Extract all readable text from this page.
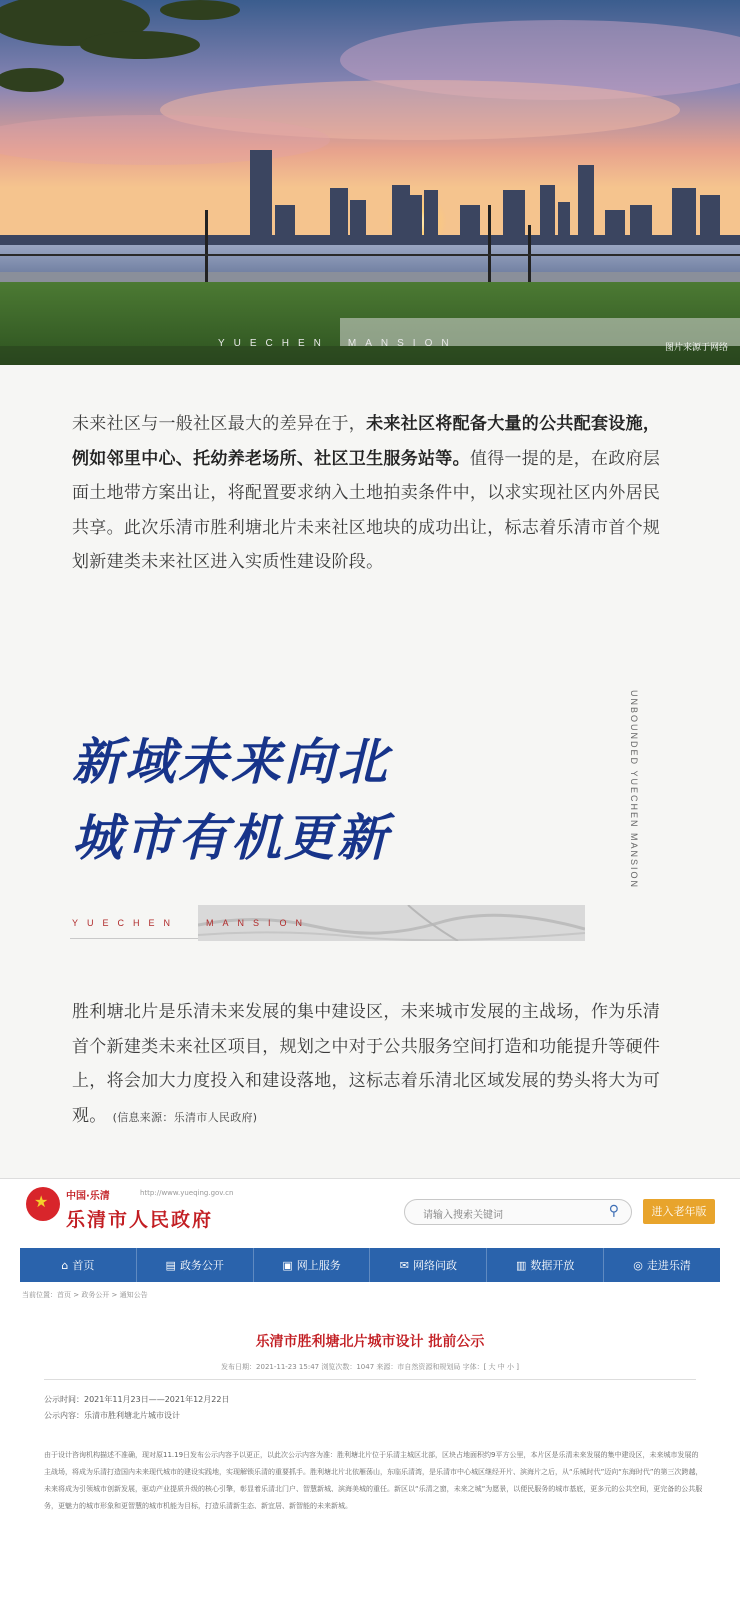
YUECHEN MANSION	图片来源于网络
未来社区与一般社区最大的差异在于，未来社区将配备大量的公共配套设施，例如邻里中心、托幼养老场所、社区卫生服务站等。值得一提的是，在政府层面土地带方案出让，将配置要求纳入土地拍卖条件中，以求实现社区内外居民共享。此次乐清市胜利塘北片未来社区地块的成功出让，标志着乐清市首个规划新建类未来社区进入实质性建设阶段。
UNBOUNDED YUECHEN MANSION
新域未来向北
城市有机更新
YUECHEN	MANSION
胜利塘北片是乐清未来发展的集中建设区，未来城市发展的主战场，作为乐清首个新建类未来社区项目，规划之中对于公共服务空间打造和功能提升等硬件上，将会加大力度投入和建设落地，这标志着乐清北区域发展的势头将大为可观。 (信息来源：乐清市人民政府)
★
中国·乐清	http://www.yueqing.gov.cn
乐清市人民政府	请输入搜索关键词	⚲	进入老年版
⌂ 首页	▤ 政务公开	▣ 网上服务	✉ 网络问政	▥ 数据开放	◎ 走进乐清
当前位置：首页 > 政务公开 > 通知公告
乐清市胜利塘北片城市设计 批前公示
发布日期：2021-11-23 15:47 浏览次数：1047 来源：市自然资源和规划局 字体：[ 大 中 小 ]
公示时间：2021年11月23日——2021年12月22日
公示内容：乐清市胜利塘北片城市设计
由于设计咨询机构描述不准确，现对原11.19日发布公示内容予以更正，以此次公示内容为准：胜利塘北片位于乐清主城区北部，区块占地面积约9平方公里，本片区是乐清未来发展的集中建设区，未来城市发展的主战场，将成为乐清打造国内未来现代城市的建设实践地，实现解锁乐清的重要抓手。胜利塘北片北依雁荡山，东临乐清湾，是乐清市中心城区继经开片、滨海片之后，从“乐城时代”迈向“东海时代”的第三次跨越，未来将成为引领城市创新发展，驱动产业提质升级的核心引擎，彰显着乐清北门户、智慧新城、滨海美城的重任。新区以“乐清之窗，未来之城”为愿景，以便民服务的城市基底，更多元的公共空间，更完备的公共服务，更魅力的城市形象和更智慧的城市机能为目标，打造乐清新生态、新宜居、新智能的未来新城。
